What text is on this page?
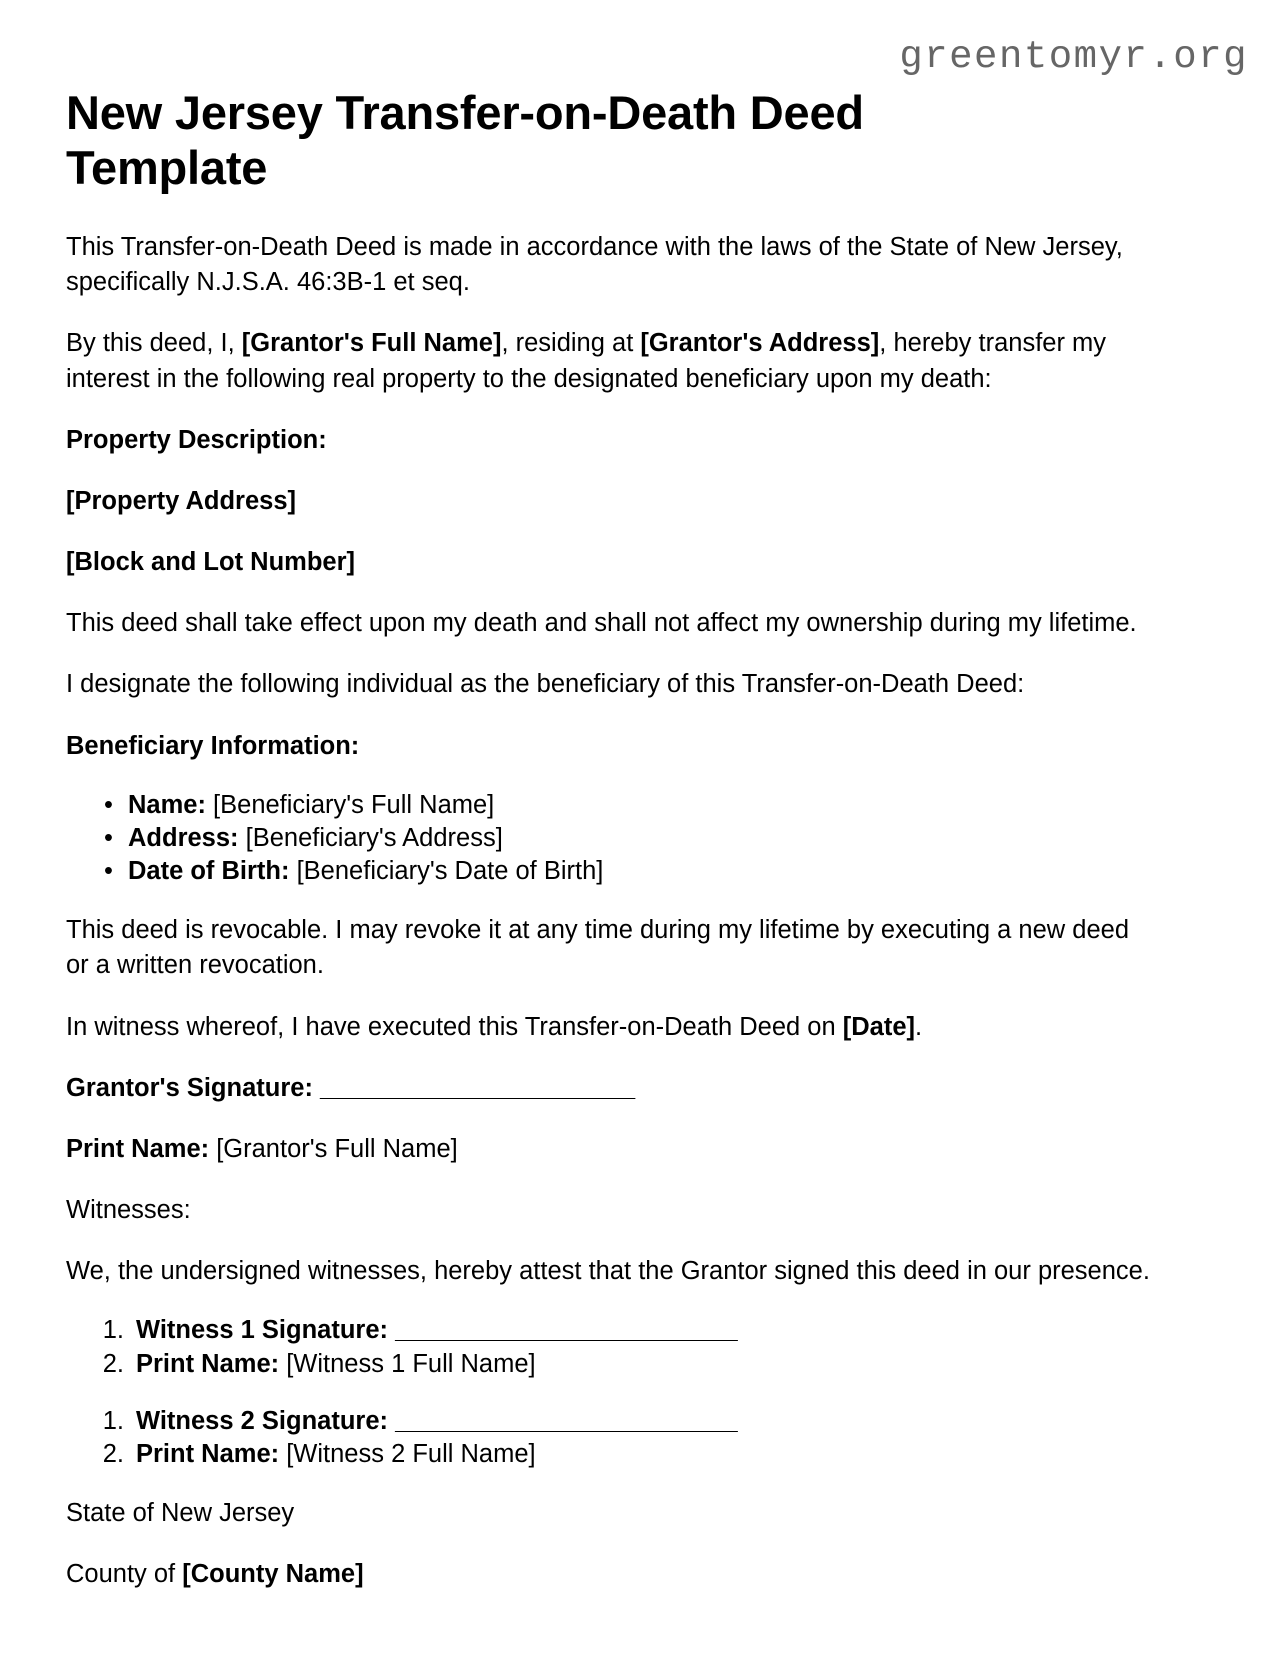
greentomyr.org
New Jersey Transfer-on-Death Deed Template

This Transfer-on-Death Deed is made in accordance with the laws of the State of New Jersey, specifically N.J.S.A. 46:3B-1 et seq.

By this deed, I, [Grantor's Full Name], residing at [Grantor's Address], hereby transfer my interest in the following real property to the designated beneficiary upon my death:

Property Description:

[Property Address]

[Block and Lot Number]

This deed shall take effect upon my death and shall not affect my ownership during my lifetime.

I designate the following individual as the beneficiary of this Transfer-on-Death Deed:

Beneficiary Information:

• Name: [Beneficiary's Full Name]
• Address: [Beneficiary's Address]
• Date of Birth: [Beneficiary's Date of Birth]

This deed is revocable. I may revoke it at any time during my lifetime by executing a new deed or a written revocation.

In witness whereof, I have executed this Transfer-on-Death Deed on [Date].

Grantor's Signature: _______________________

Print Name: [Grantor's Full Name]

Witnesses:

We, the undersigned witnesses, hereby attest that the Grantor signed this deed in our presence.

Witness 1 Signature: _________________________
Print Name: [Witness 1 Full Name]
Witness 2 Signature: _________________________
Print Name: [Witness 2 Full Name]

State of New Jersey

County of [County Name]
